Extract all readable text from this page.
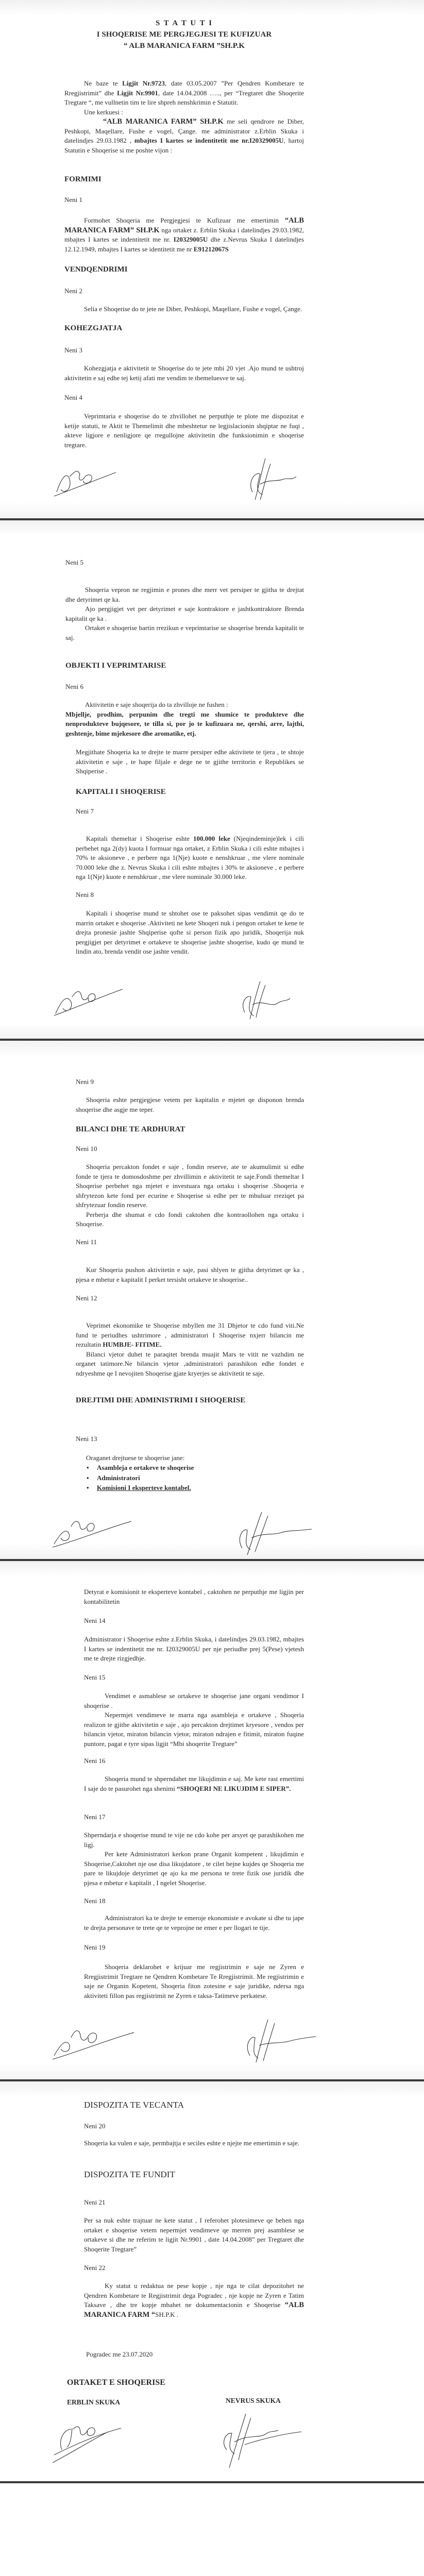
S T A T U T I
I SHOQERISE ME PERGJEGJESI TE KUFIZUAR
“ ALB MARANICA FARM ”SH.P.K

Ne baze te Ligjit Nr.9723, date 03.05.2007 ”Per Qendren Kombetare te Rregjistrimit” dhe Ligjit Nr.9901, date 14.04.2008 ….., per “Tregtaret dhe Shoqerite Tregtare “, me vullnetin tim te lire shpreh nenshkrimin e Statutit.

Une kerkuesi :

“ALB MARANICA FARM” SH.P.K me seli qendrore ne Diber, Peshkopi, Maqellare, Fushe e vogel, Çange. me administrator z.Erblin Skuka i datelindjes 29.03.1982 , mbajtes I kartes se indentitetit me nr.I20329005U, hartoj Statutin e Shoqerise si me poshte vijon :

FORMIMI
Neni 1

Formohet Shoqeria me Pergjegjesi te Kufizuar me emertimin “ALB MARANICA FARM” SH.P.K nga ortaket z. Erblin Skuka i datelindjes 29.03.1982, mbajtes I kartes se indentitetit me nr. I20329005U dhe z.Nevrus Skuka I datelindjes 12.12.1949, mbajtes I kartes se identitetit me nr E91212067S

VENDQENDRIMI
Neni 2

Selia e Shoqerise do te jete ne Diber, Peshkopi, Maqellare, Fushe e vogel, Çange.

KOHEZGJATJA
Neni 3

Kohezgjatja e aktivitetit te Shoqerise do te jete mbi 20 vjet .Ajo mund te ushtroj aktivitetin e saj edhe tej ketij afati me vendim te themeluesve te saj.

Neni 4

Veprimtaria e shoqerise do te zhvillohet ne perputhje te plote me dispozitat e ketije statuti, te Aktit te Themelimit dhe mbeshtetur ne legjislacionin shqiptar ne fuqi , akteve ligjore e nenligjore qe rregullojne aktivitetin dhe funksionimin e shoqerise tregtare.

Neni 5

Shoqeria vepron ne regjimin e prones dhe merr vet persiper te gjitha te drejtat dhe detyrimet qe ka.

Ajo pergjigjet vet per detyrimet e saje kontraktore e jashtkontraktore Brenda kapitalit qe ka .

Ortaket e shoqerise bartin rrezikun e veprimtarise se shoqerise brenda kapitalit te saj.

OBJEKTI I VEPRIMTARISE
Neni 6

Aktivitetin e saje shoqerija do ta zhvilloje ne fushen :

Mbjellje, prodhim, perpunim dhe tregti me shumice te produkteve dhe nenprodukteve bujqesore, te tilla si, por jo te kufizuara ne, qershi, arre, lajthi, geshtenje, bime mjekesore dhe aromatike, etj.

Megjithate Shoqeria ka te drejte te marre persiper edhe aktivitete te tjera , te shtoje aktivitetin e saje , te hape filjale e dege ne te gjithe territorin e Republikes se Shqiperise .

KAPITALI I SHOQERISE
Neni 7

Kapitali themeltar i Shoqerise eshte 100.000 leke (Njeqindeminje)lek i cili perbehet nga 2(dy) kuota I formuar nga ortaket, z Erblin Skuka i cili eshte mbajtes i 70% te aksioneve , e perbere nga 1(Nje) kuote e nenshkruar , me vlere nominale 70.000 leke dhe z. Nevrus Skuka i cili eshte mbajtes i 30% te aksioneve , e perbere nga 1(Nje) kuote e nenshkruar , me vlere nominale 30.000 leke.

Neni 8

Kapitali i shoqerise mund te shtohet ose te paksohet sipas vendimit qe do te marrin ortaket e shoqerise .Aktiviteti ne kete Shoqeri nuk i pengon ortaket te kene te drejta pronesie jashte Shqiperise qofte si person fizik apo juridik, Shoqerija nuk pergjigjet per detyrimet e ortakeve te shoqerise jashte shoqerise, kudo qe mund te lindin ato, brenda vendit ose jashte vendit.

Neni 9

Shoqeria eshte pergjegjese vetem per kapitalin e mjetet qe disponon brenda shoqerise dhe asgje me teper.

BILANCI DHE TE ARDHURAT
Neni 10

Shoqeria percakton fondet e saje , fondin reserve, ate te akumulimit si edhe fonde te tjera te domosdoshme per zhvillimin e aktivitetit te saje.Fondi themeltar I Shoqerise perbehet nga mjetet e investuara nga ortaku i shoqerise .Shoqeria e shfrytezon kete fond per ecurine e Shoqerise si edhe per te mbuluar rreziqet pa shfrytezuar fondin reserve.

Perberja dhe shumat e cdo fondi caktohen dhe kontraollohen nga ortaku i Shoqerise.

Neni 11

Kur Shoqeria pushon aktivitetin e saje, pasi shlyen te gjitha detyrimet qe ka , pjesa e mbetur e kapitalit I perket tersisht ortakeve te shoqerise..

Neni 12

Veprimet ekonomike te Shoqerise mbyllen me 31 Dhjetor te cdo fund viti.Ne fund te periudhes ushtrimore , administratori I Shoqerise nxjerr bilancin me rezultatin HUMBJE- FITIME.

Bilanci vjetor duhet te paraqitet brenda muajit Mars te vitit ne vazhdim ne organet tatimore.Ne bilancin vjetor ,administratori parashikon edhe fondet e ndryeshme qe I nevojiten Shoqerise gjate kryerjes se aktivitetit te saje.

DREJTIMI DHE ADMINISTRIMI I SHOQERISE
Neni 13
Oraganet drejtuese te shoqerise jane:
• Asambleja e ortakeve te shoqerise
• Administratori
• Komisioni I eksperteve kontabel.
Detyrat e komisionit te eksperteve kontabel , caktohen ne perputhje me ligjin per kontabilitetin
Neni 14
Administrator i Shoqerise eshte z.Erblin Skuka, i datelindjes 29.03.1982, mbajtes I kartes se indentitetit me nr. I20329005U per nje periudhe prej 5(Pese) vjetesh me te drejte rizgjedhje.
Neni 15

Vendimet e asmablese se ortakeve te shoqerise jane organi vendimor I shoqerise .

Nepermjet vendimeve te marra nga asambleja e ortakeve , Shoqeria realizon te gjithe aktivitetin e saje , ajo percakton drejtimet kryesore , vendos per bilancin vjetor, miraton bilancin vjetor, miraton ndrajen e fitimit, miraton fuqine puntore, pagat e tyre sipas ligjit “Mbi shoqerite Tregtare”

Neni 16

Shoqeria mund te shperndahet me likujdimin e saj. Me kete rast emertimi I saje do te pasurohet nga shenimi “SHOQERI NE LIKUJDIM E SIPER”.

Neni 17

Shperndarja e shoqerise mund te vije ne cdo kohe per arsyet qe parashikohen me ligj.

Per kete Administratori kerkon prane Organit kompetent , likujdimin e Shoqerise,Caktohet nje ose disa likujdatore , te cilet bejne kujdes qe Shoqeria me pare te likujdoje detyrimet qe ajo ka me persona te trete fizik ose juridik dhe pjesa e mbetur e kapitalit , I ngelet Shoqerise.

Neni 18

Administratori ka te drejte te emeroje ekonomiste e avokate si dhe tu jape te drejta personave te trete qe te veprojne ne emer e per llogari te tije.

Neni 19

Shoqeria deklarohet e krijuar me regjistrimin e saje ne Zyren e Rregjistrimit Tregtare ne Qendren Kombetare Te Rregjistrimit. Me regjistrimin e saje ne Organin Kopetent, Shoqeria fiton zotesine e saje juridike, ndersa nga aktiviteti fillon pas regjistrimit ne Zyren e taksa-Tatimeve perkatese.

DISPOZITA TE VECANTA
Neni 20
Shoqeria ka vulen e saje, permbajtja e seciles eshte e njejte me emertimin e saje.
DISPOZITA TE FUNDIT
Neni 21
Per sa nuk eshte trajtuar ne kete statut , I referohet plotesimeve qe behen nga ortaket e shoqerise vetem nepermjet vendimeve qe merren prej asamblese se ortakeve si dhe ne referim te ligjit Nr.9901 , date 14.04.2008” per Tregtaret dhe Shoqerite Tregtare”
Neni 22

Ky statut u redaktua ne pese kopje , nje nga te cilat depozitohet ne Qendren Kombetare te Regjistrimit dega Pogradec , nje kopje ne Zyren e Tatim Taksave , dhe tre kopje mbahet ne dokumentacionin e Shoqerise “ALB MARANICA FARM “SH.P.K .

Pogradec me 23.07.2020
ORTAKET E SHOQERISE
ERBLIN SKUKA	NEVRUS SKUKA
